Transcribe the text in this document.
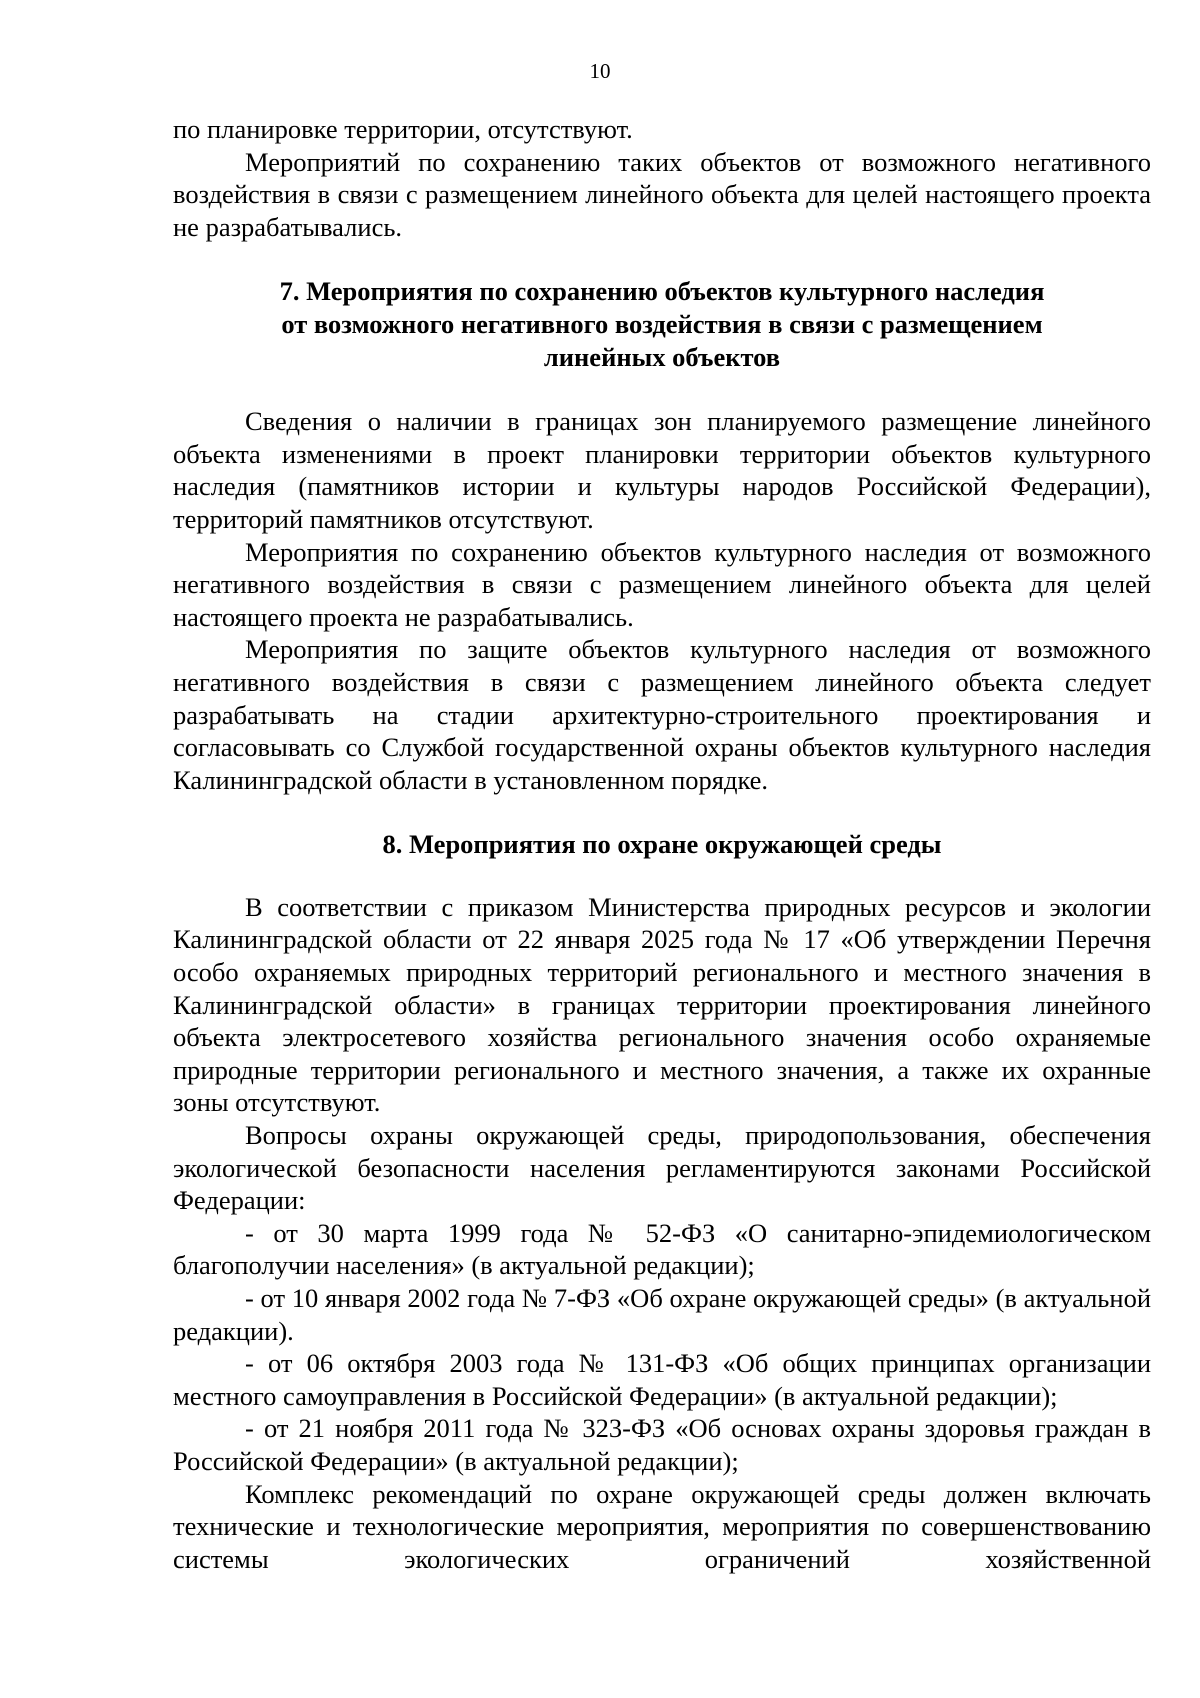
10

по планировке территории, отсутствуют.

Мероприятий по сохранению таких объектов от возможного негативного воздействия в связи с размещением линейного объекта для целей настоящего проекта не разрабатывались.

7. Мероприятия по сохранению объектов культурного наследия
от возможного негативного воздействия в связи с размещением
линейных объектов

Сведения о наличии в границах зон планируемого размещение линейного объекта изменениями в проект планировки территории объектов культурного наследия (памятников истории и культуры народов Российской Федерации), территорий памятников отсутствуют.

Мероприятия по сохранению объектов культурного наследия от возможного негативного воздействия в связи с размещением линейного объекта для целей настоящего проекта не разрабатывались.

Мероприятия по защите объектов культурного наследия от возможного негативного воздействия в связи с размещением линейного объекта следует разрабатывать на стадии архитектурно-строительного проектирования и согласовывать со Службой государственной охраны объектов культурного наследия Калининградской области в установленном порядке.

8. Мероприятия по охране окружающей среды

В соответствии с приказом Министерства природных ресурсов и экологии Калининградской области от 22 января 2025 года № 17 «Об утверждении Перечня особо охраняемых природных территорий регионального и местного значения в Калининградской области» в границах территории проектирования линейного объекта электросетевого хозяйства регионального значения особо охраняемые природные территории регионального и местного значения, а также их охранные зоны отсутствуют.

Вопросы охраны окружающей среды, природопользования, обеспечения экологической безопасности населения регламентируются законами Российской Федерации:

- от 30 марта 1999 года № 52-ФЗ «О санитарно-эпидемиологическом благополучии населения» (в актуальной редакции);

- от 10 января 2002 года № 7-ФЗ «Об охране окружающей среды» (в актуальной редакции).

- от 06 октября 2003 года № 131-ФЗ «Об общих принципах организации местного самоуправления в Российской Федерации» (в актуальной редакции);

- от 21 ноября 2011 года № 323-ФЗ «Об основах охраны здоровья граждан в Российской Федерации» (в актуальной редакции);

Комплекс рекомендаций по охране окружающей среды должен включать технические и технологические мероприятия, мероприятия по совершенствованию системы экологических ограничений хозяйственной
